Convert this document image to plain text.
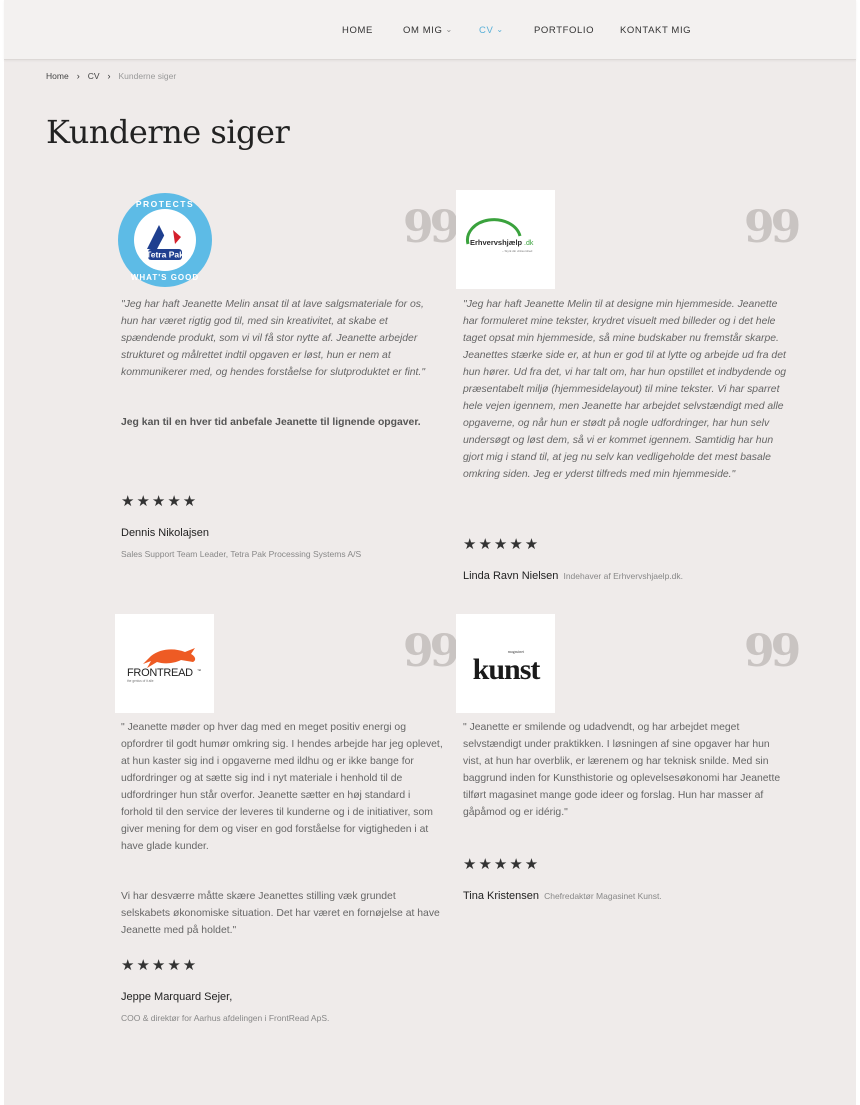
HOME	OM MIG ⌄	CV ⌄	PORTFOLIO	KONTAKT MIG
Home › CV › Kunderne siger
Kunderne siger
Tetra Pak
PROTECTS
WHAT'S GOOD
99

"Jeg har haft Jeanette Melin ansat til at lave salgsmateriale for os, hun har været rigtig god til, med sin kreativitet, at skabe et spændende produkt, som vi vil få stor nytte af. Jeanette arbejder strukturet og målrettet indtil opgaven er løst, hun er nem at kommunikerer med, og hendes forståelse for slutproduktet er fint."

Jeg kan til en hver tid anbefale Jeanette til lignende opgaver.

★★★★★
Dennis Nikolajsen
Sales Support Team Leader, Tetra Pak Processing Systems A/S
Erhvervshjælp .dk
– Styrk din virksomhed	99

"Jeg har haft Jeanette Melin til at designe min hjemmeside. Jeanette har formuleret mine tekster, krydret visuelt med billeder og i det hele taget opsat min hjemmeside, så mine budskaber nu fremstår skarpe. Jeanettes stærke side er, at hun er god til at lytte og arbejde ud fra det hun hører. Ud fra det, vi har talt om, har hun opstillet et indbydende og præsentabelt miljø (hjemmesidelayout) til mine tekster. Vi har sparret hele vejen igennem, men Jeanette har arbejdet selvstændigt med alle opgaverne, og når hun er stødt på nogle udfordringer, har hun selv undersøgt og løst dem, så vi er kommet igennem. Samtidig har hun gjort mig i stand til, at jeg nu selv kan vedligeholde det mest basale omkring siden. Jeg er yderst tilfreds med min hjemmeside."

★★★★★
Linda Ravn Nielsen Indehaver af Erhvervshjaelp.dk.
FRONTREAD ™
the genius of it alle
99

" Jeanette møder op hver dag med en meget positiv energi og opfordrer til godt humør omkring sig. I hendes arbejde har jeg oplevet, at hun kaster sig ind i opgaverne med ildhu og er ikke bange for udfordringer og at sætte sig ind i nyt materiale i henhold til de udfordringer hun står overfor. Jeanette sætter en høj standard i forhold til den service der leveres til kunderne og i de initiativer, som giver mening for dem og viser en god forståelse for vigtigheden i at have glade kunder.

Vi har desværre måtte skære Jeanettes stilling væk grundet selskabets økonomiske situation. Det har været en fornøjelse at have Jeanette med på holdet."

★★★★★
Jeppe Marquard Sejer,
COO & direktør for Aarhus afdelingen i FrontRead ApS.
magasinet
kunst	99

" Jeanette er smilende og udadvendt, og har arbejdet meget selvstændigt under praktikken. I løsningen af sine opgaver har hun vist, at hun har overblik, er lærenem og har teknisk snilde. Med sin baggrund inden for Kunsthistorie og oplevelsesøkonomi har Jeanette tilført magasinet mange gode ideer og forslag. Hun har masser af gåpåmod og er idérig."

★★★★★
Tina Kristensen Chefredaktør Magasinet Kunst.
